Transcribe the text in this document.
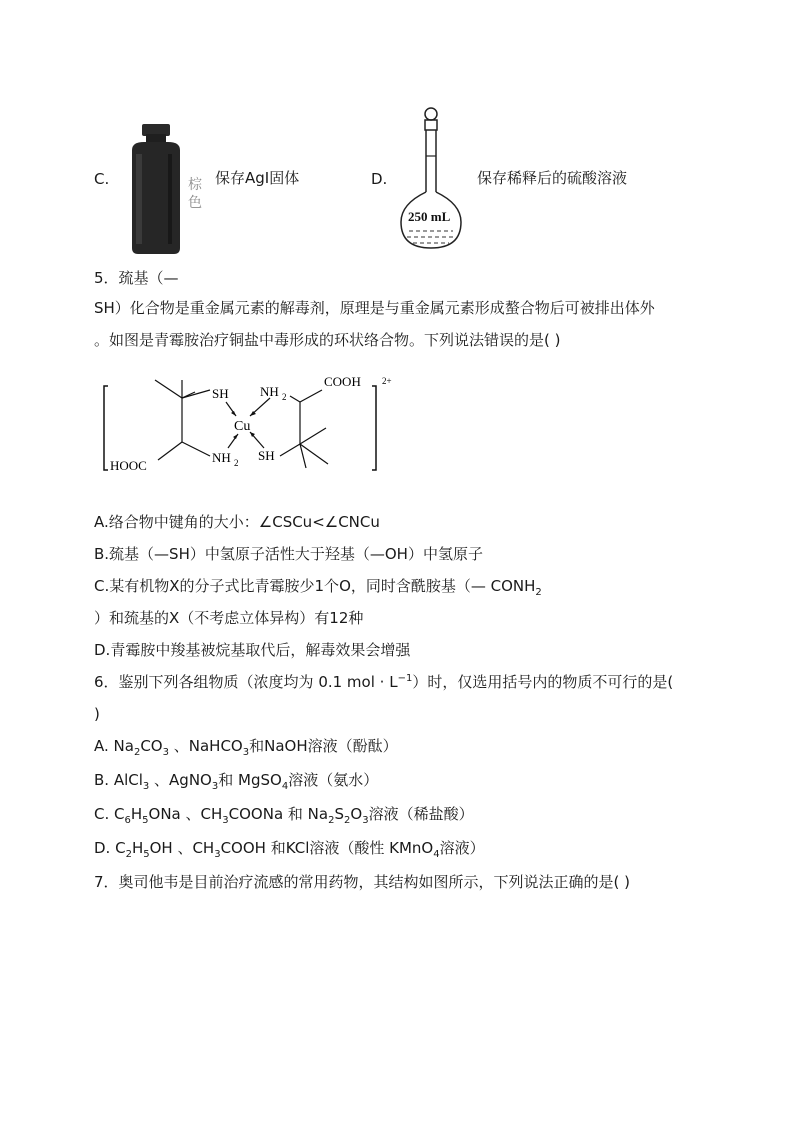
C.	棕
色
保存AgI固体	D.
250 mL
保存稀释后的硫酸溶液
5．巯基（—
SH）化合物是重金属元素的解毒剂，原理是与重金属元素形成螯合物后可被排出体外
。如图是青霉胺治疗铜盐中毒形成的环状络合物。下列说法错误的是( )
SH NH 2
COOH 2+
Cu
HOOC
NH 2 SH
A.络合物中键角的大小：∠CSCu<∠CNCu
B.巯基（—SH）中氢原子活性大于羟基（—OH）中氢原子
C.某有机物X的分子式比青霉胺少1个O，同时含酰胺基（— $CONH_2$
）和巯基的X（不考虑立体异构）有12种
D.青霉胺中羧基被烷基取代后，解毒效果会增强
6．鉴别下列各组物质（浓度均为 0.1 mol · $L^{-1}$）时，仅选用括号内的物质不可行的是(
)
A. $Na_2CO_3$ 、NaHCO$_3$和NaOH溶液（酚酞）
B. AlCl$_3$ 、AgNO$_3$和 MgSO$_4$溶液（氨水）
C. $C_6H_5ONa$ 、$CH_3COONa$ 和 $Na_2S_2O_3$溶液（稀盐酸）
D. $C_2H_5OH$ 、$CH_3COOH$ 和KCl溶液（酸性 KMnO$_4$溶液）
7．奥司他韦是目前治疗流感的常用药物，其结构如图所示，下列说法正确的是( )
